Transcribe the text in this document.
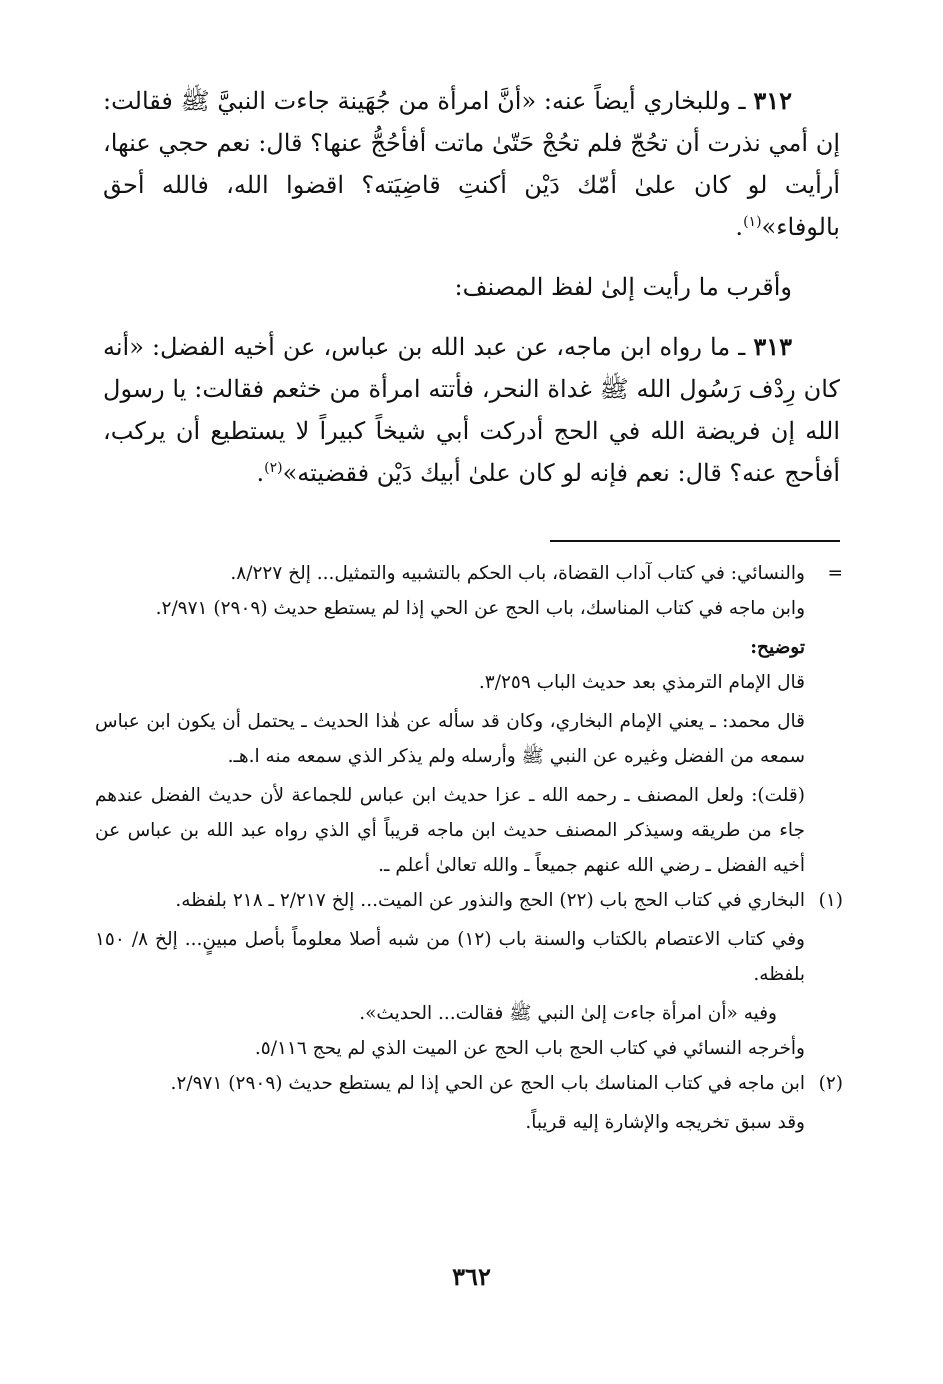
٣١٢ ـ وللبخاري أيضاً عنه: «أنَّ امرأة من جُهَينة جاءت النبيَّ ﷺ فقالت: إن أمي نذرت أن تحُجّ فلم تحُجْ حَتّىٰ ماتت أفأحُجُّ عنها؟ قال: نعم حجي عنها، أرأيت لو كان علىٰ أمّك دَيْن أكنتِ قاضِيَته؟ اقضوا الله، فالله أحق بالوفاء»$^{(١)}$.

وأقرب ما رأيت إلىٰ لفظ المصنف:

٣١٣ ـ ما رواه ابن ماجه، عن عبد الله بن عباس، عن أخيه الفضل: «أنه كان رِدْف رَسُول الله ﷺ غداة النحر، فأتته امرأة من خثعم فقالت: يا رسول الله إن فريضة الله في الحج أدركت أبي شيخاً كبيراً لا يستطيع أن يركب، أفأحج عنه؟ قال: نعم فإنه لو كان علىٰ أبيك دَيْن فقضيته»$^{(٢)}$.

=

والنسائي: في كتاب آداب القضاة، باب الحكم بالتشبيه والتمثيل... إلخ ٨/٢٢٧.

وابن ماجه في كتاب المناسك، باب الحج عن الحي إذا لم يستطع حديث (٢٩٠٩) ٢/٩٧١.

توضيح:

قال الإمام الترمذي بعد حديث الباب ٣/٢٥٩.

قال محمد: ـ يعني الإمام البخاري، وكان قد سأله عن هٰذا الحديث ـ يحتمل أن يكون ابن عباس سمعه من الفضل وغيره عن النبي ﷺ وأرسله ولم يذكر الذي سمعه منه ا.هـ.

(قلت): ولعل المصنف ـ رحمه الله ـ عزا حديث ابن عباس للجماعة لأن حديث الفضل عندهم جاء من طريقه وسيذكر المصنف حديث ابن ماجه قريباً أي الذي رواه عبد الله بن عباس عن أخيه الفضل ـ رضي الله عنهم جميعاً ـ والله تعالىٰ أعلم ـ.

(١)

البخاري في كتاب الحج باب (٢٢) الحج والنذور عن الميت... إلخ ٢/٢١٧ ـ ٢١٨ بلفظه.

وفي كتاب الاعتصام بالكتاب والسنة باب (١٢) من شبه أصلا معلوماً بأصل مبينٍ... إلخ ٨/ ١٥٠ بلفظه.

وفيه «أن امرأة جاءت إلىٰ النبي ﷺ فقالت... الحديث».

وأخرجه النسائي في كتاب الحج باب الحج عن الميت الذي لم يحج ٥/١١٦.

(٢)

ابن ماجه في كتاب المناسك باب الحج عن الحي إذا لم يستطع حديث (٢٩٠٩) ٢/٩٧١.

وقد سبق تخريجه والإشارة إليه قريباً.

٣٦٢
